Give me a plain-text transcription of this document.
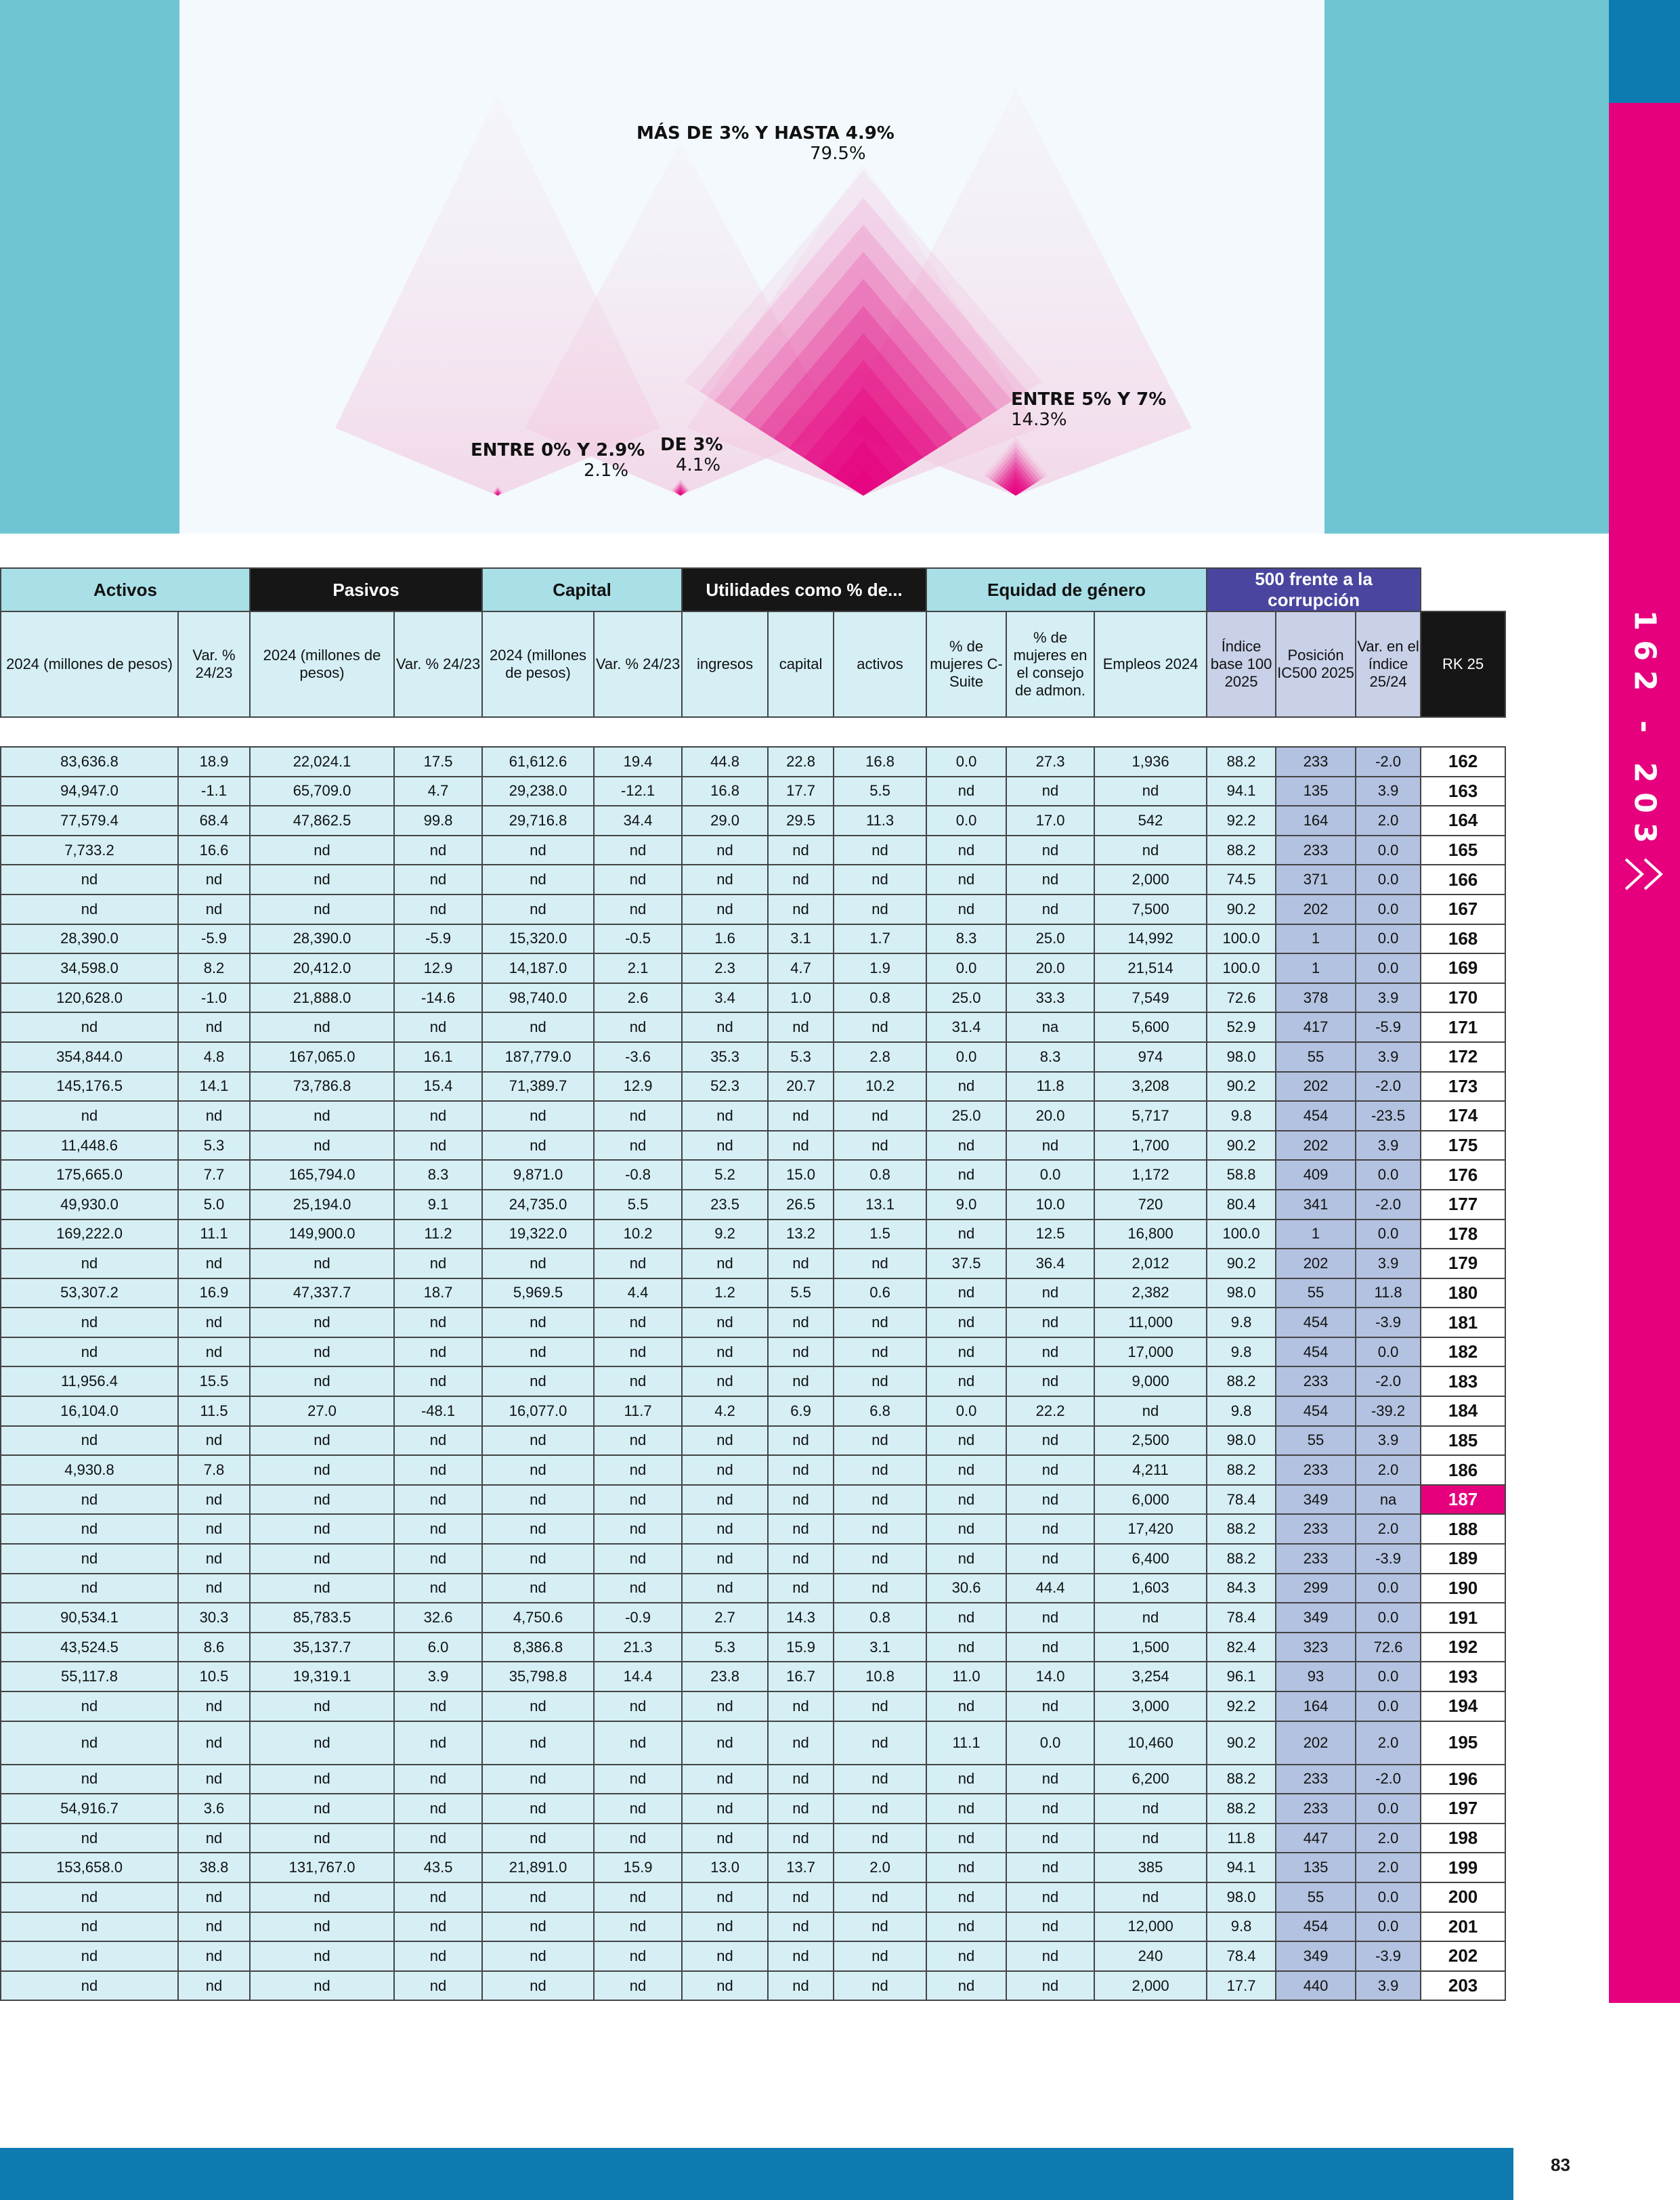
162 - 203
ENTRE 0% Y 2.9%
2.1%
DE 3%
4.1%
MÁS DE 3% Y HASTA 4.9%
79.5%
ENTRE 5% Y 7%
14.3%
Activos		Pasivos		Capital		Utilidades como % de...			Equidad de género			500 frente a la corrupción			
2024 (millones de pesos)	Var. % 24/23	2024 (millones de pesos)	Var. % 24/23	2024 (millones de pesos)	Var. % 24/23	ingresos	capital	activos	% de mujeres C-Suite	% de mujeres en el consejo de admon.	Empleos 2024	Índice base 100 2025	Posición IC500 2025	Var. en el índice 25/24	RK 25

83,636.8	18.9	22,024.1	17.5	61,612.6	19.4	44.8	22.8	16.8	0.0	27.3	1,936	88.2	233	-2.0	162
94,947.0	-1.1	65,709.0	4.7	29,238.0	-12.1	16.8	17.7	5.5	nd	nd	nd	94.1	135	3.9	163
77,579.4	68.4	47,862.5	99.8	29,716.8	34.4	29.0	29.5	11.3	0.0	17.0	542	92.2	164	2.0	164
7,733.2	16.6	nd	nd	nd	nd	nd	nd	nd	nd	nd	nd	88.2	233	0.0	165
nd	nd	nd	nd	nd	nd	nd	nd	nd	nd	nd	2,000	74.5	371	0.0	166
nd	nd	nd	nd	nd	nd	nd	nd	nd	nd	nd	7,500	90.2	202	0.0	167
28,390.0	-5.9	28,390.0	-5.9	15,320.0	-0.5	1.6	3.1	1.7	8.3	25.0	14,992	100.0	1	0.0	168
34,598.0	8.2	20,412.0	12.9	14,187.0	2.1	2.3	4.7	1.9	0.0	20.0	21,514	100.0	1	0.0	169
120,628.0	-1.0	21,888.0	-14.6	98,740.0	2.6	3.4	1.0	0.8	25.0	33.3	7,549	72.6	378	3.9	170
nd	nd	nd	nd	nd	nd	nd	nd	nd	31.4	na	5,600	52.9	417	-5.9	171
354,844.0	4.8	167,065.0	16.1	187,779.0	-3.6	35.3	5.3	2.8	0.0	8.3	974	98.0	55	3.9	172
145,176.5	14.1	73,786.8	15.4	71,389.7	12.9	52.3	20.7	10.2	nd	11.8	3,208	90.2	202	-2.0	173
nd	nd	nd	nd	nd	nd	nd	nd	nd	25.0	20.0	5,717	9.8	454	-23.5	174
11,448.6	5.3	nd	nd	nd	nd	nd	nd	nd	nd	nd	1,700	90.2	202	3.9	175
175,665.0	7.7	165,794.0	8.3	9,871.0	-0.8	5.2	15.0	0.8	nd	0.0	1,172	58.8	409	0.0	176
49,930.0	5.0	25,194.0	9.1	24,735.0	5.5	23.5	26.5	13.1	9.0	10.0	720	80.4	341	-2.0	177
169,222.0	11.1	149,900.0	11.2	19,322.0	10.2	9.2	13.2	1.5	nd	12.5	16,800	100.0	1	0.0	178
nd	nd	nd	nd	nd	nd	nd	nd	nd	37.5	36.4	2,012	90.2	202	3.9	179
53,307.2	16.9	47,337.7	18.7	5,969.5	4.4	1.2	5.5	0.6	nd	nd	2,382	98.0	55	11.8	180
nd	nd	nd	nd	nd	nd	nd	nd	nd	nd	nd	11,000	9.8	454	-3.9	181
nd	nd	nd	nd	nd	nd	nd	nd	nd	nd	nd	17,000	9.8	454	0.0	182
11,956.4	15.5	nd	nd	nd	nd	nd	nd	nd	nd	nd	9,000	88.2	233	-2.0	183
16,104.0	11.5	27.0	-48.1	16,077.0	11.7	4.2	6.9	6.8	0.0	22.2	nd	9.8	454	-39.2	184
nd	nd	nd	nd	nd	nd	nd	nd	nd	nd	nd	2,500	98.0	55	3.9	185
4,930.8	7.8	nd	nd	nd	nd	nd	nd	nd	nd	nd	4,211	88.2	233	2.0	186
nd	nd	nd	nd	nd	nd	nd	nd	nd	nd	nd	6,000	78.4	349	na	187
nd	nd	nd	nd	nd	nd	nd	nd	nd	nd	nd	17,420	88.2	233	2.0	188
nd	nd	nd	nd	nd	nd	nd	nd	nd	nd	nd	6,400	88.2	233	-3.9	189
nd	nd	nd	nd	nd	nd	nd	nd	nd	30.6	44.4	1,603	84.3	299	0.0	190
90,534.1	30.3	85,783.5	32.6	4,750.6	-0.9	2.7	14.3	0.8	nd	nd	nd	78.4	349	0.0	191
43,524.5	8.6	35,137.7	6.0	8,386.8	21.3	5.3	15.9	3.1	nd	nd	1,500	82.4	323	72.6	192
55,117.8	10.5	19,319.1	3.9	35,798.8	14.4	23.8	16.7	10.8	11.0	14.0	3,254	96.1	93	0.0	193
nd	nd	nd	nd	nd	nd	nd	nd	nd	nd	nd	3,000	92.2	164	0.0	194
nd	nd	nd	nd	nd	nd	nd	nd	nd	11.1	0.0	10,460	90.2	202	2.0	195
nd	nd	nd	nd	nd	nd	nd	nd	nd	nd	nd	6,200	88.2	233	-2.0	196
54,916.7	3.6	nd	nd	nd	nd	nd	nd	nd	nd	nd	nd	88.2	233	0.0	197
nd	nd	nd	nd	nd	nd	nd	nd	nd	nd	nd	nd	11.8	447	2.0	198
153,658.0	38.8	131,767.0	43.5	21,891.0	15.9	13.0	13.7	2.0	nd	nd	385	94.1	135	2.0	199
nd	nd	nd	nd	nd	nd	nd	nd	nd	nd	nd	nd	98.0	55	0.0	200
nd	nd	nd	nd	nd	nd	nd	nd	nd	nd	nd	12,000	9.8	454	0.0	201
nd	nd	nd	nd	nd	nd	nd	nd	nd	nd	nd	240	78.4	349	-3.9	202
nd	nd	nd	nd	nd	nd	nd	nd	nd	nd	nd	2,000	17.7	440	3.9	203
83
